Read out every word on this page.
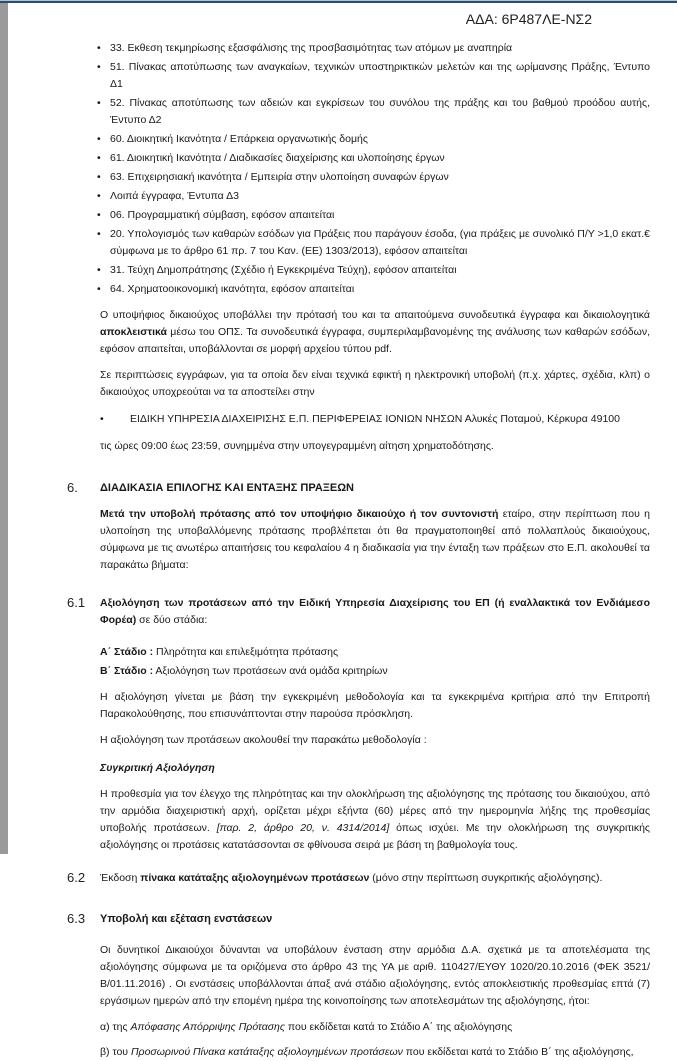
ΑΔΑ: 6Ρ487ΛΕ-ΝΣ2
• 33. Εκθεση τεκμηρίωσης εξασφάλισης της προσβασιμότητας των ατόμων με αναπηρία
• 51. Πίνακας αποτύπωσης των αναγκαίων, τεχνικών υποστηρικτικών μελετών και της ωρίμανσης Πράξης, Έντυπο Δ1
• 52. Πίνακας αποτύπωσης των αδειών και εγκρίσεων του συνόλου της πράξης και του βαθμού προόδου αυτής, Έντυπο Δ2
• 60. Διοικητική Ικανότητα / Επάρκεια οργανωτικής δομής
• 61. Διοικητική Ικανότητα / Διαδικασίες διαχείρισης και υλοποίησης έργων
• 63. Επιχειρησιακή ικανότητα / Εμπειρία στην υλοποίηση συναφών έργων
• Λοιπά έγγραφα, Έντυπα Δ3
• 06. Προγραμματική σύμβαση, εφόσον απαιτείται
• 20. Υπολογισμός των καθαρών εσόδων για Πράξεις που παράγουν έσοδα, (για πράξεις με συνολικό Π/Υ >1,0 εκατ.€ σύμφωνα με το άρθρο 61 πρ. 7 του Καν. (ΕΕ) 1303/2013), εφόσον απαιτείται
• 31. Τεύχη Δημοπράτησης (Σχέδιο ή Εγκεκριμένα Τεύχη), εφόσον απαιτείται
• 64. Χρηματοοικονομική ικανότητα, εφόσον απαιτείται

Ο υποψήφιος δικαιούχος υποβάλλει την πρότασή του και τα απαιτούμενα συνοδευτικά έγγραφα και δικαιολογητικά αποκλειστικά μέσω του ΟΠΣ. Τα συνοδευτικά έγγραφα, συμπεριλαμβανομένης της ανάλυσης των καθαρών εσόδων, εφόσον απαιτείται, υποβάλλονται σε μορφή αρχείου τύπου pdf.

Σε περιπτώσεις εγγράφων, για τα οποία δεν είναι τεχνικά εφικτή η ηλεκτρονική υποβολή (π.χ. χάρτες, σχέδια, κλπ) ο δικαιούχος υποχρεούται να τα αποστείλει στην

• ΕΙΔΙΚΗ ΥΠΗΡΕΣΙΑ ΔΙΑΧΕΙΡΙΣΗΣ Ε.Π. ΠΕΡΙΦΕΡΕΙΑΣ ΙΟΝΙΩΝ ΝΗΣΩΝ Αλυκές Ποταμού, Κέρκυρα 49100

τις ώρες 09:00 έως 23:59, συνημμένα στην υπογεγραμμένη αίτηση χρηματοδότησης.

6. ΔΙΑΔΙΚΑΣΙΑ ΕΠΙΛΟΓΗΣ ΚΑΙ ΕΝΤΑΞΗΣ ΠΡΑΞΕΩΝ

Μετά την υποβολή πρότασης από τον υποψήφιο δικαιούχο ή τον συντονιστή εταίρο, στην περίπτωση που η υλοποίηση της υποβαλλόμενης πρότασης προβλέπεται ότι θα πραγματοποιηθεί από πολλαπλούς δικαιούχους, σύμφωνα με τις ανωτέρω απαιτήσεις του κεφαλαίου 4 η διαδικασία για την ένταξη των πράξεων στο Ε.Π. ακολουθεί τα παρακάτω βήματα:

6.1 Αξιολόγηση των προτάσεων από την Ειδική Υπηρεσία Διαχείρισης του ΕΠ (ή εναλλακτικά τον Ενδιάμεσο Φορέα) σε δύο στάδια:

Α΄ Στάδιο : Πληρότητα και επιλεξιμότητα πρότασης

Β΄ Στάδιο : Αξιολόγηση των προτάσεων ανά ομάδα κριτηρίων

Η αξιολόγηση γίνεται με βάση την εγκεκριμένη μεθοδολογία και τα εγκεκριμένα κριτήρια από την Επιτροπή Παρακολούθησης, που επισυνάπτονται στην παρούσα πρόσκληση.

Η αξιολόγηση των προτάσεων ακολουθεί την παρακάτω μεθοδολογία :

Συγκριτική Αξιολόγηση

Η προθεσμία για τον έλεγχο της πληρότητας και την ολοκλήρωση της αξιολόγησης της πρότασης του δικαιούχου, από την αρμόδια διαχειριστική αρχή, ορίζεται μέχρι εξήντα (60) μέρες από την ημερομηνία λήξης της προθεσμίας υποβολής προτάσεων. [παρ. 2, άρθρο 20, ν. 4314/2014] όπως ισχύει. Με την ολοκλήρωση της συγκριτικής αξιολόγησης οι προτάσεις κατατάσσονται σε φθίνουσα σειρά με βάση τη βαθμολογία τους.

6.2 Έκδοση πίνακα κατάταξης αξιολογημένων προτάσεων (μόνο στην περίπτωση συγκριτικής αξιολόγησης).
6.3 Υποβολή και εξέταση ενστάσεων

Οι δυνητικοί Δικαιούχοι δύνανται να υποβάλουν ένσταση στην αρμόδια Δ.Α. σχετικά με τα αποτελέσματα της αξιολόγησης σύμφωνα με τα οριζόμενα στο άρθρο 43 της ΥΑ με αριθ. 110427/ΕΥΘΥ 1020/20.10.2016 (ΦΕΚ 3521/Β/01.11.2016) . Οι ενστάσεις υποβάλλονται άπαξ ανά στάδιο αξιολόγησης, εντός αποκλειστικής προθεσμίας επτά (7) εργάσιμων ημερών από την επομένη ημέρα της κοινοποίησης των αποτελεσμάτων της αξιολόγησης, ήτοι:

α) της Απόφασης Απόρριψης Πρότασης που εκδίδεται κατά το Στάδιο Α΄ της αξιολόγησης

β) του Προσωρινού Πίνακα κατάταξης αξιολογημένων προτάσεων που εκδίδεται κατά το Στάδιο Β΄ της αξιολόγησης,
